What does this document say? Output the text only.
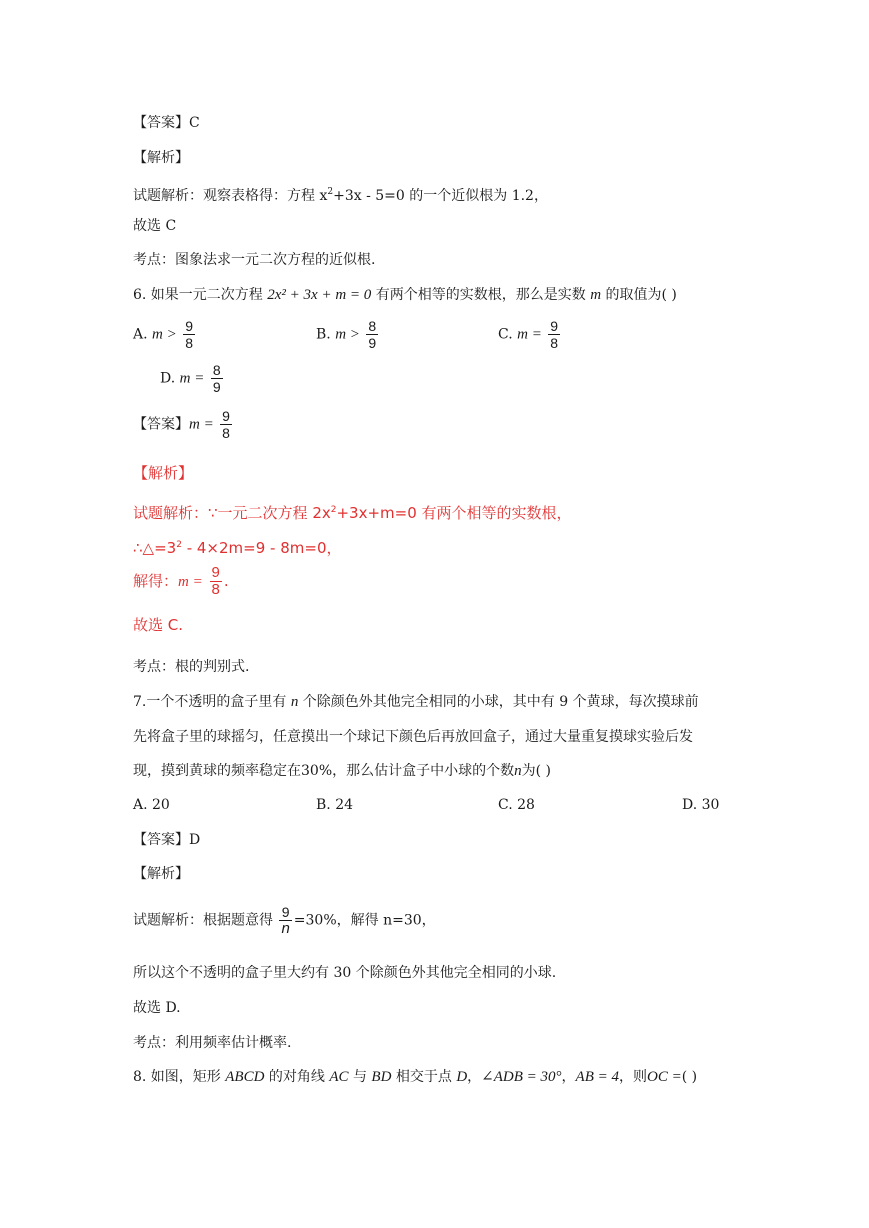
【答案】C
【解析】
试题解析：观察表格得：方程 $x^2+3x - 5=0$ 的一个近似根为 1.2，
故选 C
考点：图象法求一元二次方程的近似根.
6. 如果一元二次方程 2x² + 3x + m = 0 有两个相等的实数根，那么是实数 m 的取值为( )
A. $m > \frac{9}{8}$	B. $m > \frac{8}{9}$	C. $m = \frac{9}{8}$
D. $m = \frac{8}{9}$
【答案】$m = \frac{9}{8}$
【解析】
试题解析：∵一元二次方程 $2x^2+3x+m=0$ 有两个相等的实数根，
$\therefore\triangle=3^2 - 4\times 2m=9 - 8m=0$，
解得：$m = \frac{9}{8}$ .
故选 C.
考点：根的判别式.
7.一个不透明的盒子里有 n 个除颜色外其他完全相同的小球，其中有 9 个黄球，每次摸球前
先将盒子里的球摇匀，任意摸出一个球记下颜色后再放回盒子，通过大量重复摸球实验后发
现，摸到黄球的频率稳定在30%，那么估计盒子中小球的个数n为( )
A. 20	B. 24	C. 28	D. 30
【答案】D
【解析】
试题解析：根据题意得 $\frac{9}{n} =30\%$，解得 n=30，
所以这个不透明的盒子里大约有 30 个除颜色外其他完全相同的小球.
故选 D.
考点：利用频率估计概率.
8. 如图，矩形 ABCD 的对角线 AC 与 BD 相交于点 D，∠ADB = 30°，AB = 4，则OC =( )
